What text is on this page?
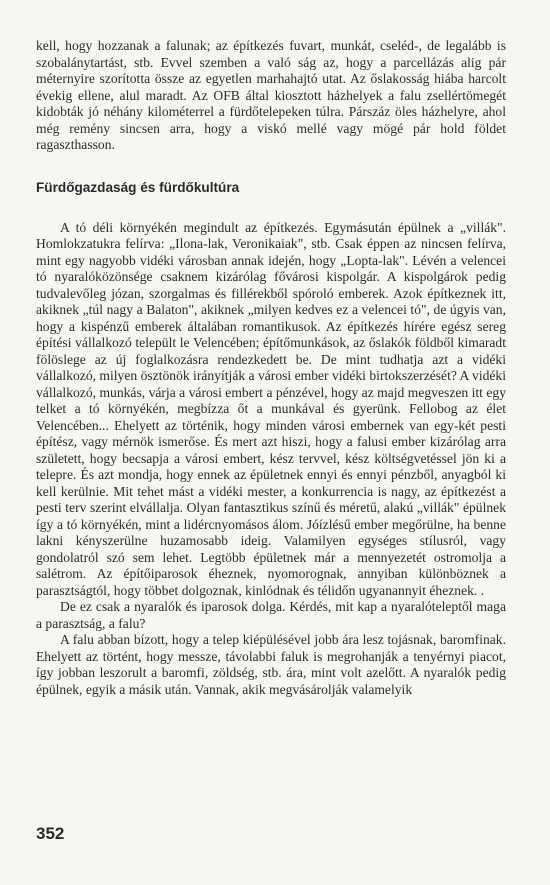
kell, hogy hozzanak a falunak; az építkezés fuvart, munkát, cseléd-, de legalább is szobalánytartást, stb. Evvel szemben a való ság az, hogy a parcellázás alig pár méternyire szorította össze az egyetlen marhahajtó utat. Az őslakosság hiába harcolt évekig ellene, alul maradt. Az OFB által kiosztott házhelyek a falu zsellértömegét kidobták jó néhány kilométerrel a fürdőtelepeken túlra. Párszáz öles házhelyre, ahol még remény sincsen arra, hogy a viskó mellé vagy mögé pár hold földet ragaszthasson.

Fürdőgazdaság és fürdőkultúra

A tó déli környékén megindult az építkezés. Egymásután épülnek a „villák". Homlokzatukra felírva: „Ilona-lak, Veronikaiak", stb. Csak éppen az nincsen felírva, mint egy nagyobb vidéki városban annak idején, hogy „Lopta-lak". Lévén a velencei tó nyaralóközönsége csaknem kizárólag fővárosi kispolgár. A kispolgárok pedig tudvalevőleg józan, szorgalmas és fillérekből spóroló emberek. Azok építkeznek itt, akiknek „túl nagy a Balaton", akiknek „milyen kedves ez a velencei tó", de úgyis van, hogy a kispénzű emberek általában romantikusok. Az építkezés hírére egész sereg építési vállalkozó települt le Velencében; építőmunkások, az őslakók földből kimaradt fölöslege az új foglalkozásra rendezkedett be. De mint tudhatja azt a vidéki vállalkozó, milyen ösztönök irányítják a városi ember vidéki birtokszerzését? A vidéki vállalkozó, munkás, várja a városi embert a pénzével, hogy az majd megveszen itt egy telket a tó környékén, megbízza őt a munkával és gyerünk. Fellobog az élet Velencében... Ehelyett az történik, hogy minden városi embernek van egy-két pesti építész, vagy mérnök ismerőse. És mert azt hiszi, hogy a falusi ember kizárólag arra született, hogy becsapja a városi embert, kész tervvel, kész költségvetéssel jön ki a telepre. És azt mondja, hogy ennek az épületnek ennyi és ennyi pénzből, anyagból ki kell kerülnie. Mit tehet mást a vidéki mester, a konkurrencia is nagy, az építkezést a pesti terv szerint elvállalja. Olyan fantasztikus színű és méretű, alakú „villák" épülnek így a tó környékén, mint a lidércnyomásos álom. Jóízlésű ember megőrülne, ha benne lakni kényszerülne huzamosabb ideig. Valamilyen egységes stílusról, vagy gondolatról szó sem lehet. Legtöbb épületnek már a mennyezetét ostromolja a salétrom. Az építőiparosok éheznek, nyomorognak, annyiban különböznek a parasztságtól, hogy többet dolgoznak, kinlódnak és télidőn ugyanannyit éheznek. .

De ez csak a nyaralók és iparosok dolga. Kérdés, mit kap a nyaralóteleptől maga a parasztság, a falu?

A falu abban bízott, hogy a telep kiépülésével jobb ára lesz tojásnak, baromfinak. Ehelyett az történt, hogy messze, távolabbi faluk is megrohanják a tenyérnyi piacot, így jobban leszorult a baromfi, zöldség, stb. ára, mint volt azelőtt. A nyaralók pedig épülnek, egyik a másik után. Vannak, akik megvásárolják valamelyik

352
